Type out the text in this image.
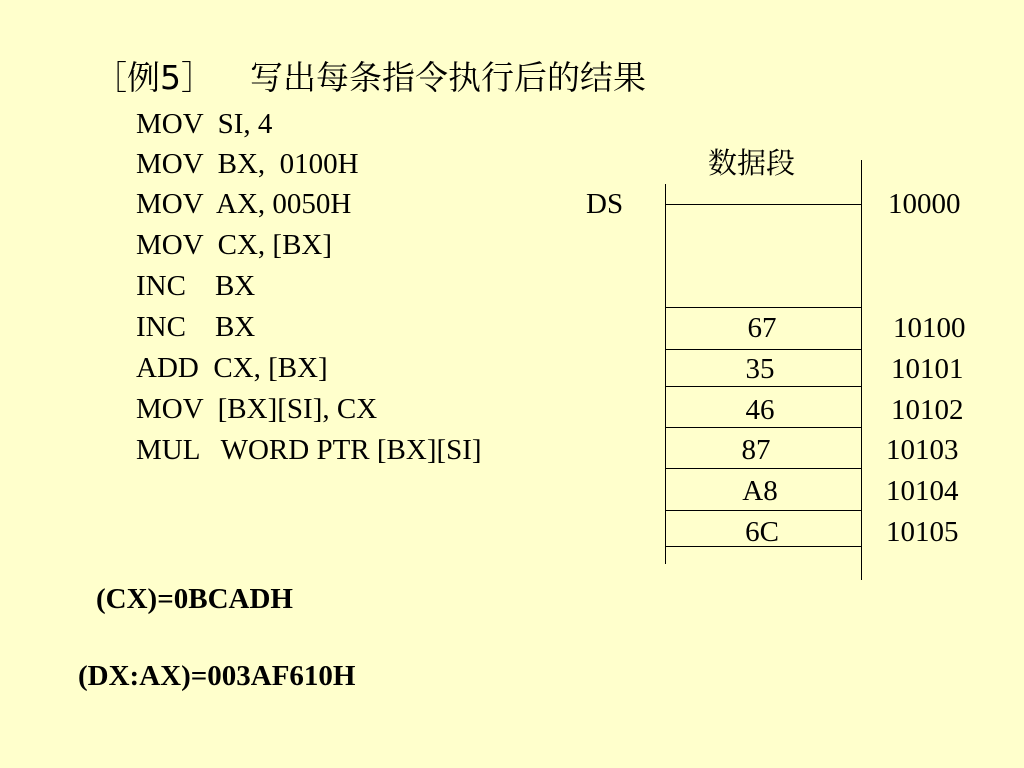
［例5］ 写出每条指令执行后的结果
MOV  SI, 4
MOV  BX,  0100H
MOV  AX, 0050H
MOV  CX, [BX]
INC    BX
INC    BX
ADD  CX, [BX]
MOV  [BX][SI], CX
MUL   WORD PTR [BX][SI]
数据段
DS	10000
67	10100
35	10101
46	10102
87	10103
A8	10104
6C	10105
(CX)=0BCADH
(DX:AX)=003AF610H
